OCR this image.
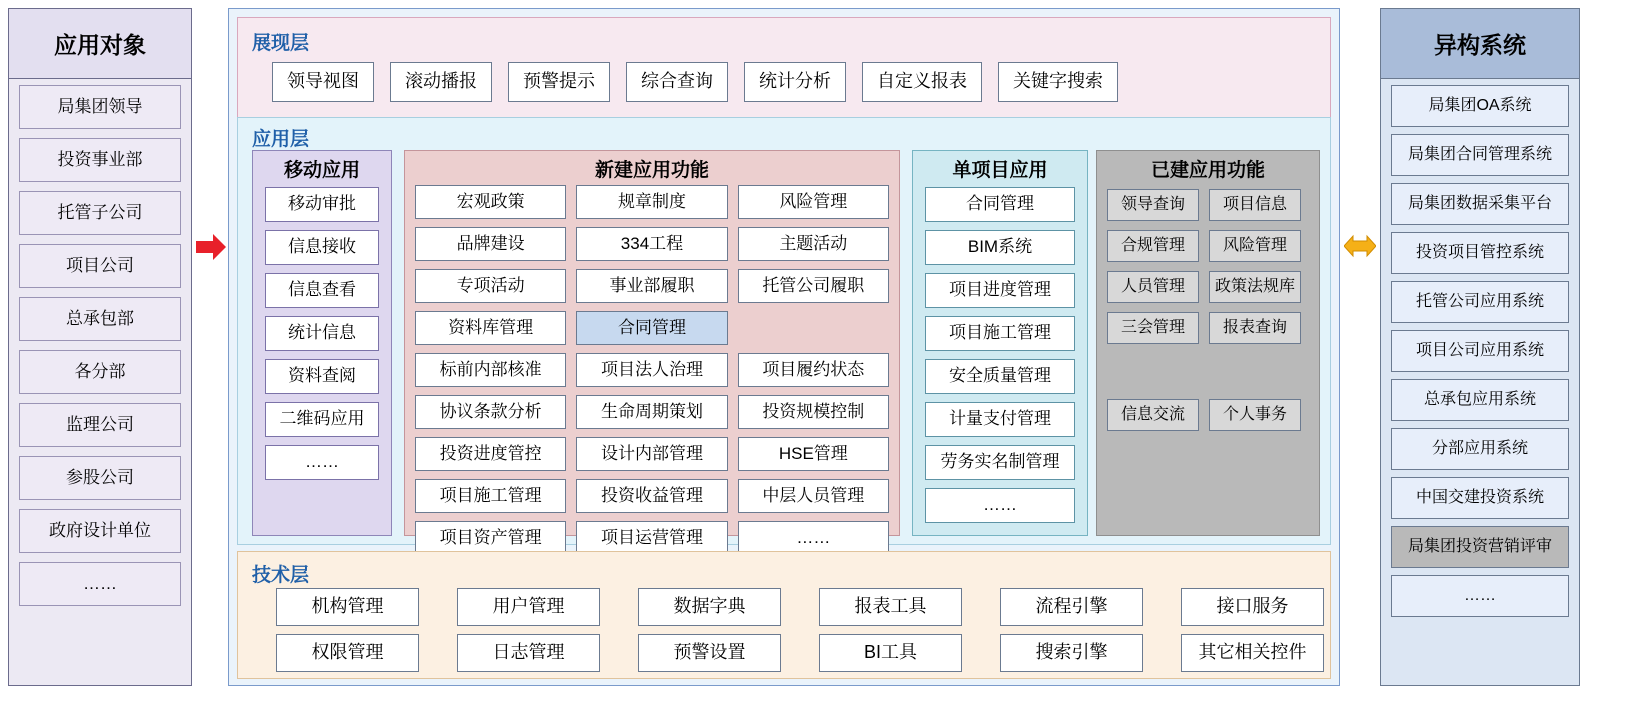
应用对象
局集团领导
投资事业部
托管子公司
项目公司
总承包部
各分部
监理公司
参股公司
政府设计单位
……
展现层
领导视图	滚动播报	预警提示	综合查询	统计分析	自定义报表	关键字搜索
应用层
移动应用
移动审批
信息接收
信息查看
统计信息
资料查阅
二维码应用
……
新建应用功能
宏观政策	规章制度	风险管理
品牌建设	334工程	主题活动
专项活动	事业部履职	托管公司履职
资料库管理	合同管理
标前内部核准	项目法人治理	项目履约状态
协议条款分析	生命周期策划	投资规模控制
投资进度管控	设计内部管理	HSE管理
项目施工管理	投资收益管理	中层人员管理
项目资产管理	项目运营管理	……
单项目应用
合同管理
BIM系统
项目进度管理
项目施工管理
安全质量管理
计量支付管理
劳务实名制管理
……
已建应用功能
领导查询	项目信息
合规管理	风险管理
人员管理	政策法规库
三会管理	报表查询
信息交流	个人事务
技术层
机构管理	用户管理	数据字典	报表工具	流程引擎	接口服务
权限管理	日志管理	预警设置	BI工具	搜索引擎	其它相关控件
异构系统
局集团OA系统
局集团合同管理系统
局集团数据采集平台
投资项目管控系统
托管公司应用系统
项目公司应用系统
总承包应用系统
分部应用系统
中国交建投资系统
局集团投资营销评审
……
